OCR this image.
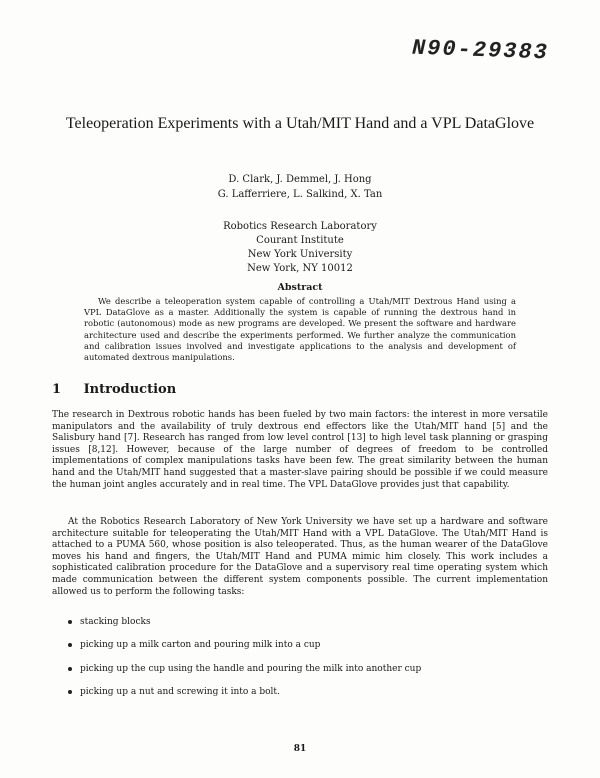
N90-29383
Teleoperation Experiments with a Utah/MIT Hand and a VPL DataGlove
D. Clark, J. Demmel, J. Hong
G. Lafferriere, L. Salkind, X. Tan
Robotics Research Laboratory
Courant Institute
New York University
New York, NY 10012
Abstract
We describe a teleoperation system capable of controlling a Utah/MIT Dextrous Hand using a VPL DataGlove as a master. Additionally the system is capable of running the dextrous hand in robotic (autonomous) mode as new programs are developed. We present the software and hardware architecture used and describe the experiments performed. We further analyze the communication and calibration issues involved and investigate applications to the analysis and development of automated dextrous manipulations.
1 Introduction
The research in Dextrous robotic hands has been fueled by two main factors: the interest in more versatile manipulators and the availability of truly dextrous end effectors like the Utah/MIT hand [5] and the Salisbury hand [7]. Research has ranged from low level control [13] to high level task planning or grasping issues [8,12]. However, because of the large number of degrees of freedom to be controlled implementations of complex manipulations tasks have been few. The great similarity between the human hand and the Utah/MIT hand suggested that a master-slave pairing should be possible if we could measure the human joint angles accurately and in real time. The VPL DataGlove provides just that capability.
At the Robotics Research Laboratory of New York University we have set up a hardware and software architecture suitable for teleoperating the Utah/MIT Hand with a VPL DataGlove. The Utah/MIT Hand is attached to a PUMA 560, whose position is also teleoperated. Thus, as the human wearer of the DataGlove moves his hand and fingers, the Utah/MIT Hand and PUMA mimic him closely. This work includes a sophisticated calibration procedure for the DataGlove and a supervisory real time operating system which made communication between the different system components possible. The current implementation allowed us to perform the following tasks:
stacking blocks
picking up a milk carton and pouring milk into a cup
picking up the cup using the handle and pouring the milk into another cup
picking up a nut and screwing it into a bolt.
81
